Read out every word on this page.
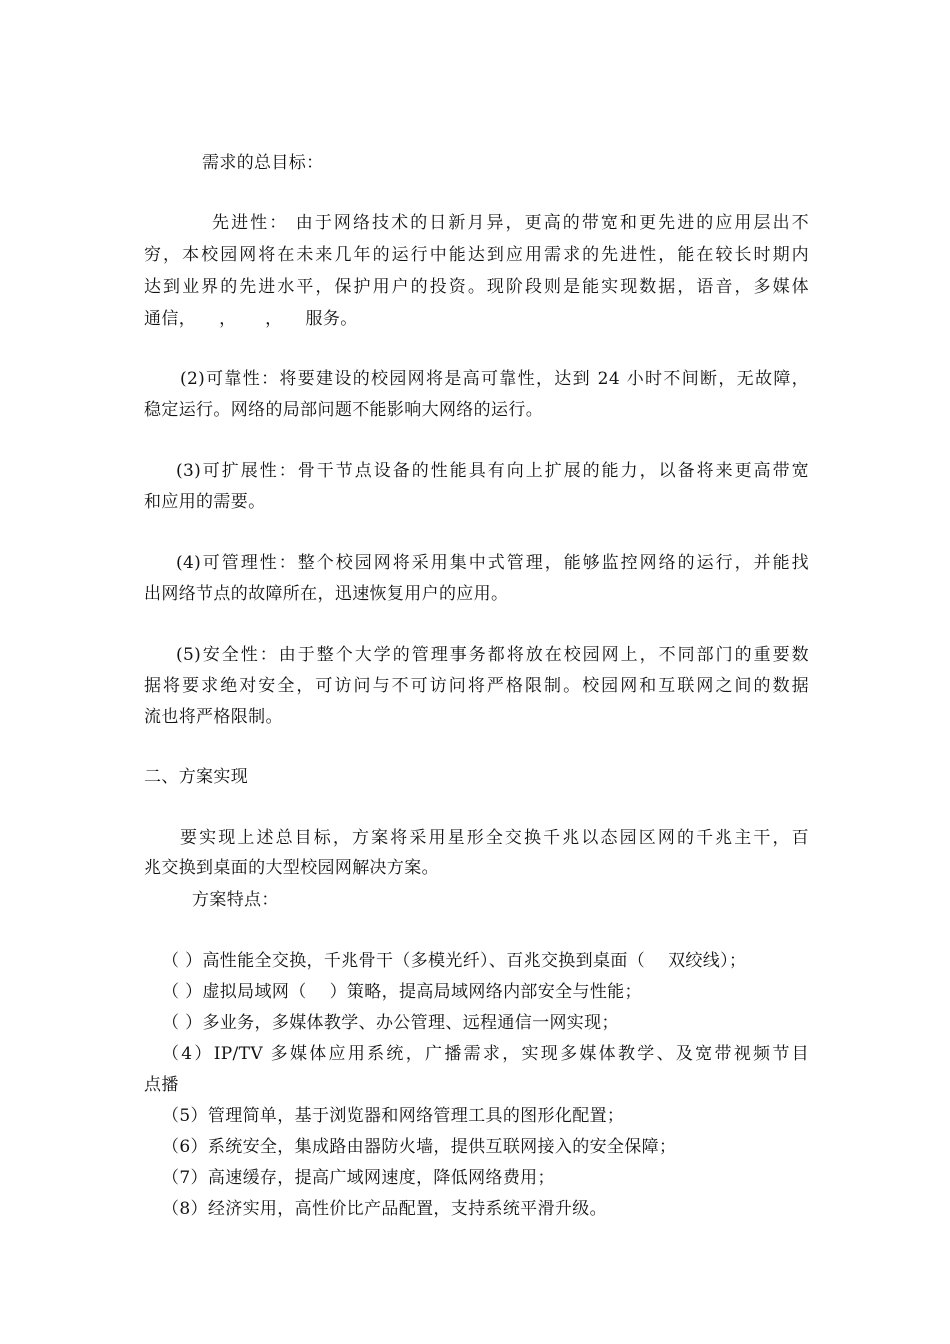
需求的总目标：
先进性： 由于网络技术的日新月异，更高的带宽和更先进的应用层出不
穷，本校园网将在未来几年的运行中能达到应用需求的先进性，能在较长时期内
达到业界的先进水平，保护用户的投资。现阶段则是能实现数据，语音，多媒体
通信，    ，     ，    服务。
(2)可靠性：将要建设的校园网将是高可靠性，达到 24 小时不间断，无故障，
稳定运行。网络的局部问题不能影响大网络的运行。
(3)可扩展性：骨干节点设备的性能具有向上扩展的能力，以备将来更高带宽
和应用的需要。
(4)可管理性：整个校园网将采用集中式管理，能够监控网络的运行，并能找
出网络节点的故障所在，迅速恢复用户的应用。
(5)安全性：由于整个大学的管理事务都将放在校园网上，不同部门的重要数
据将要求绝对安全，可访问与不可访问将严格限制。校园网和互联网之间的数据
流也将严格限制。
二、方案实现
要实现上述总目标，方案将采用星形全交换千兆以态园区网的千兆主干，百
兆交换到桌面的大型校园网解决方案。
方案特点：
（ ）高性能全交换，千兆骨干（多模光纤）、百兆交换到桌面（    双绞线）；
（ ）虚拟局域网（    ）策略，提高局域网络内部安全与性能；
（ ）多业务，多媒体教学、办公管理、远程通信一网实现；
（4）IP/TV 多媒体应用系统，广播需求，实现多媒体教学、及宽带视频节目
点播
（5）管理简单，基于浏览器和网络管理工具的图形化配置；
（6）系统安全，集成路由器防火墙，提供互联网接入的安全保障；
（7）高速缓存，提高广域网速度，降低网络费用；
（8）经济实用，高性价比产品配置，支持系统平滑升级。
